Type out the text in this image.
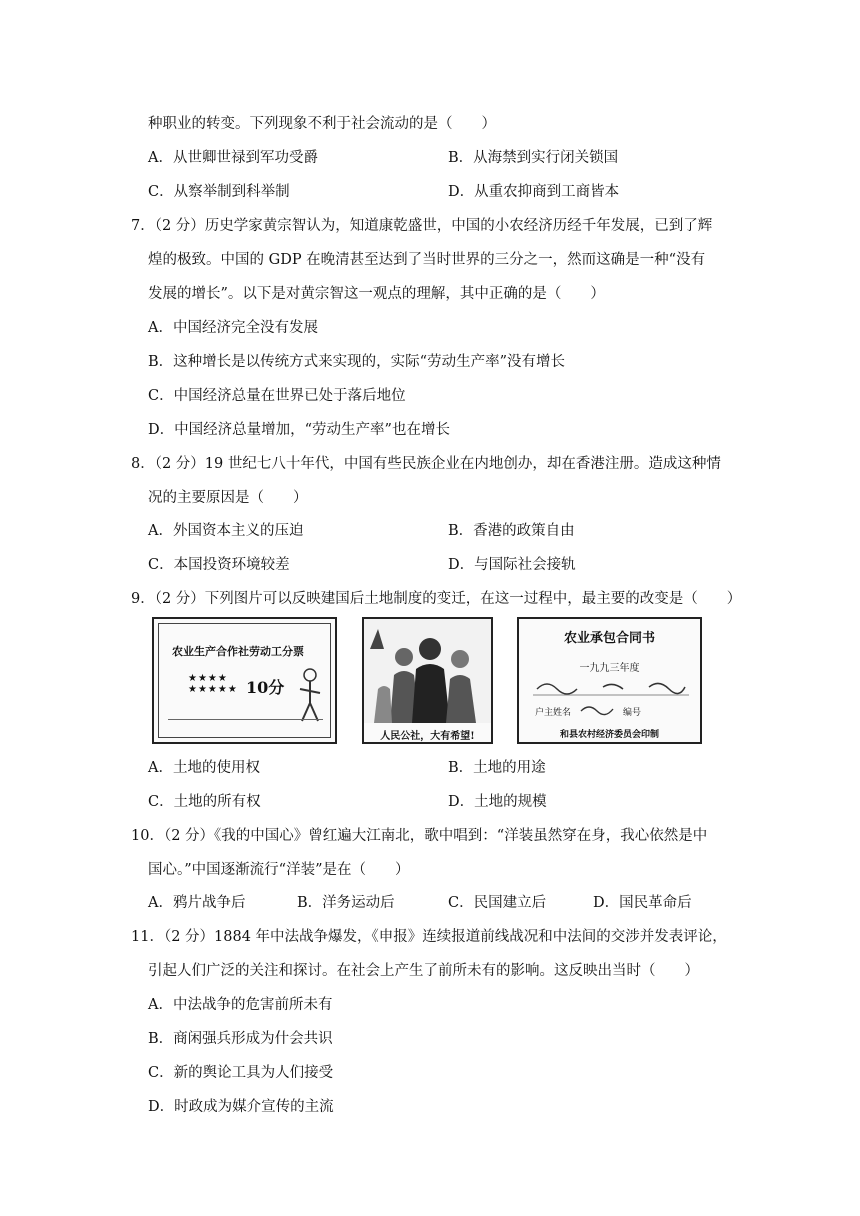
种职业的转变。下列现象不利于社会流动的是（　　）
A．从世卿世禄到军功受爵	B．从海禁到实行闭关锁国
C．从察举制到科举制	D．从重农抑商到工商皆本
7．（2 分）历史学家黄宗智认为，知道康乾盛世，中国的小农经济历经千年发展，已到了辉
煌的极致。中国的 GDP 在晚清甚至达到了当时世界的三分之一，然而这确是一种“没有
发展的增长”。以下是对黄宗智这一观点的理解，其中正确的是（　　）
A．中国经济完全没有发展
B．这种增长是以传统方式来实现的，实际“劳动生产率”没有增长
C．中国经济总量在世界已处于落后地位
D．中国经济总量增加，“劳动生产率”也在增长
8．（2 分）19 世纪七八十年代，中国有些民族企业在内地创办，却在香港注册。造成这种情
况的主要原因是（　　）
A．外国资本主义的压迫	B．香港的政策自由
C．本国投资环境较差	D．与国际社会接轨
9．（2 分）下列图片可以反映建国后土地制度的变迁，在这一过程中，最主要的改变是（　　）
农业生产合作社劳动工分票
★★★★
★★★★★ 10分
人民公社，大有希望!
农业承包合同书
一九九三年度
户主姓名	编号
和县农村经济委员会印制
A．土地的使用权	B．土地的用途
C．土地的所有权	D．土地的规模
10．（2 分）《我的中国心》曾红遍大江南北，歌中唱到：“洋装虽然穿在身，我心依然是中
国心。”中国逐渐流行“洋装”是在（　　）
A．鸦片战争后	B．洋务运动后	C．民国建立后	D．国民革命后
11．（2 分）1884 年中法战争爆发，《申报》连续报道前线战况和中法间的交涉并发表评论，
引起人们广泛的关注和探讨。在社会上产生了前所未有的影响。这反映出当时（　　）
A．中法战争的危害前所未有
B．商闲强兵形成为什会共识
C．新的舆论工具为人们接受
D．时政成为媒介宣传的主流
